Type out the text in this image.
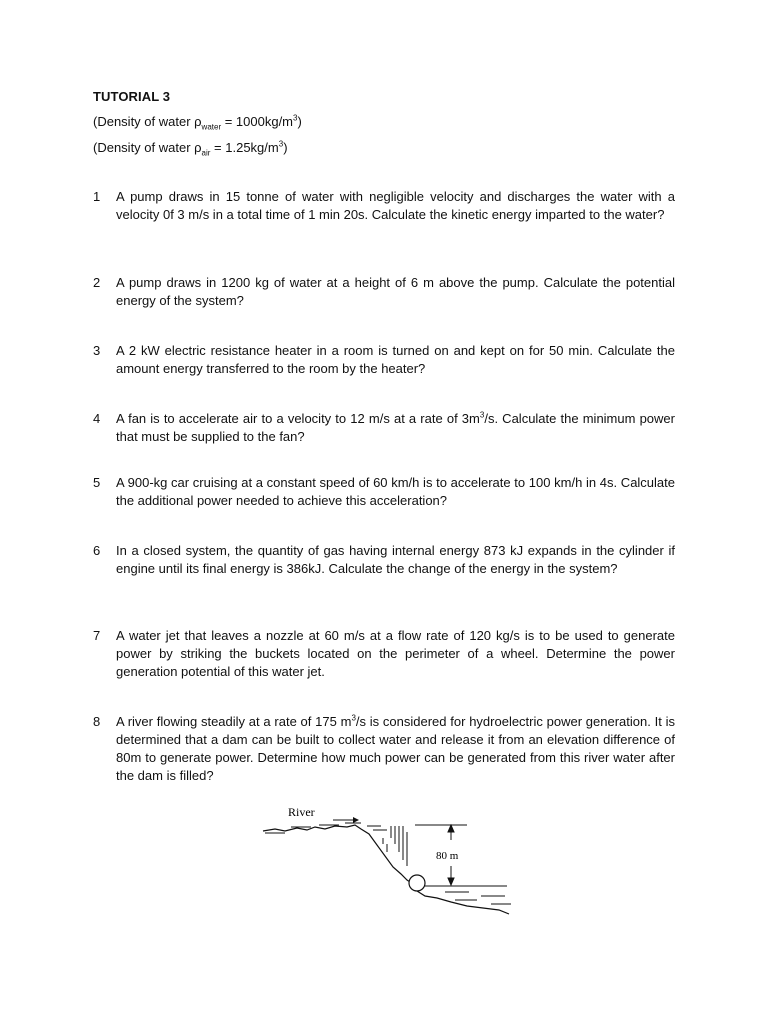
TUTORIAL 3
(Density of water $\rho_{water} = 1000kg/m^3$)
(Density of water $\rho_{air} = 1.25kg/m^3$)
1	A pump draws in 15 tonne of water with negligible velocity and discharges the water with a velocity 0f 3 m/s in a total time of 1 min 20s. Calculate the kinetic energy imparted to the water?
2	A pump draws in 1200 kg of water at a height of 6 m above the pump. Calculate the potential energy of the system?
3	A 2 kW electric resistance heater in a room is turned on and kept on for 50 min. Calculate the amount energy transferred to the room by the heater?
4	A fan is to accelerate air to a velocity to 12 m/s at a rate of $3m^3/s$. Calculate the minimum power that must be supplied to the fan?
5	A 900-kg car cruising at a constant speed of 60 km/h is to accelerate to 100 km/h in 4s. Calculate the additional power needed to achieve this acceleration?
6	In a closed system, the quantity of gas having internal energy 873 kJ expands in the cylinder if engine until its final energy is 386kJ. Calculate the change of the energy in the system?
7	A water jet that leaves a nozzle at 60 m/s at a flow rate of 120 kg/s is to be used to generate power by striking the buckets located on the perimeter of a wheel. Determine the power generation potential of this water jet.
8	A river flowing steadily at a rate of 175 $m^3/s$ is considered for hydroelectric power generation. It is determined that a dam can be built to collect water and release it from an elevation difference of 80m to generate power. Determine how much power can be generated from this river water after the dam is filled?
River
80 m
